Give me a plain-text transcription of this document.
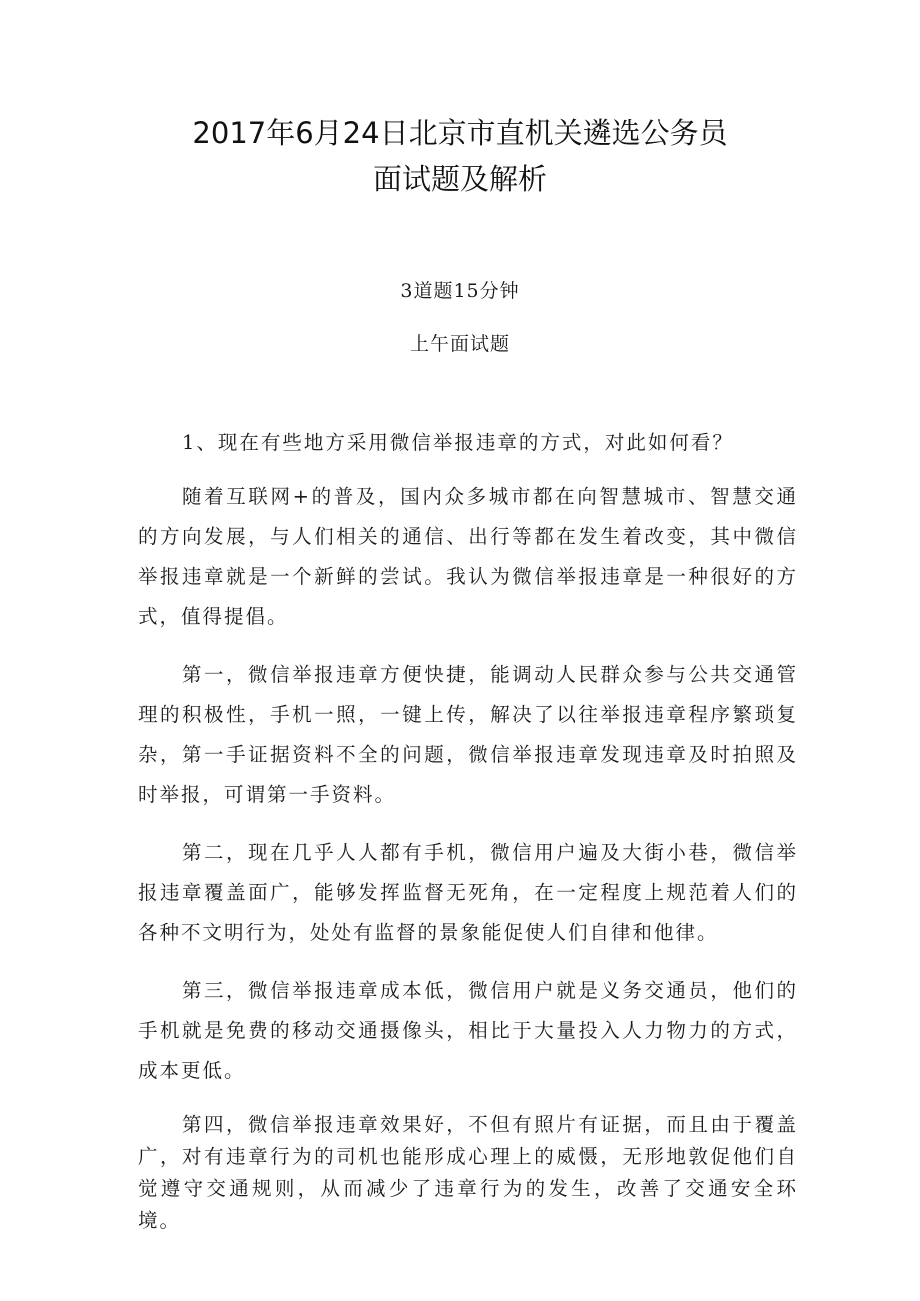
2017年6月24日北京市直机关遴选公务员
面试题及解析
3道题15分钟
上午面试题

1、现在有些地方采用微信举报违章的方式，对此如何看？

随着互联网+的普及，国内众多城市都在向智慧城市、智慧交通的方向发展，与人们相关的通信、出行等都在发生着改变，其中微信举报违章就是一个新鲜的尝试。我认为微信举报违章是一种很好的方式，值得提倡。

第一，微信举报违章方便快捷，能调动人民群众参与公共交通管理的积极性，手机一照，一键上传，解决了以往举报违章程序繁琐复杂，第一手证据资料不全的问题，微信举报违章发现违章及时拍照及时举报，可谓第一手资料。

第二，现在几乎人人都有手机，微信用户遍及大街小巷，微信举报违章覆盖面广，能够发挥监督无死角，在一定程度上规范着人们的各种不文明行为，处处有监督的景象能促使人们自律和他律。

第三，微信举报违章成本低，微信用户就是义务交通员，他们的手机就是免费的移动交通摄像头，相比于大量投入人力物力的方式，成本更低。

第四，微信举报违章效果好，不但有照片有证据，而且由于覆盖广，对有违章行为的司机也能形成心理上的威慑，无形地敦促他们自觉遵守交通规则，从而减少了违章行为的发生，改善了交通安全环境。
